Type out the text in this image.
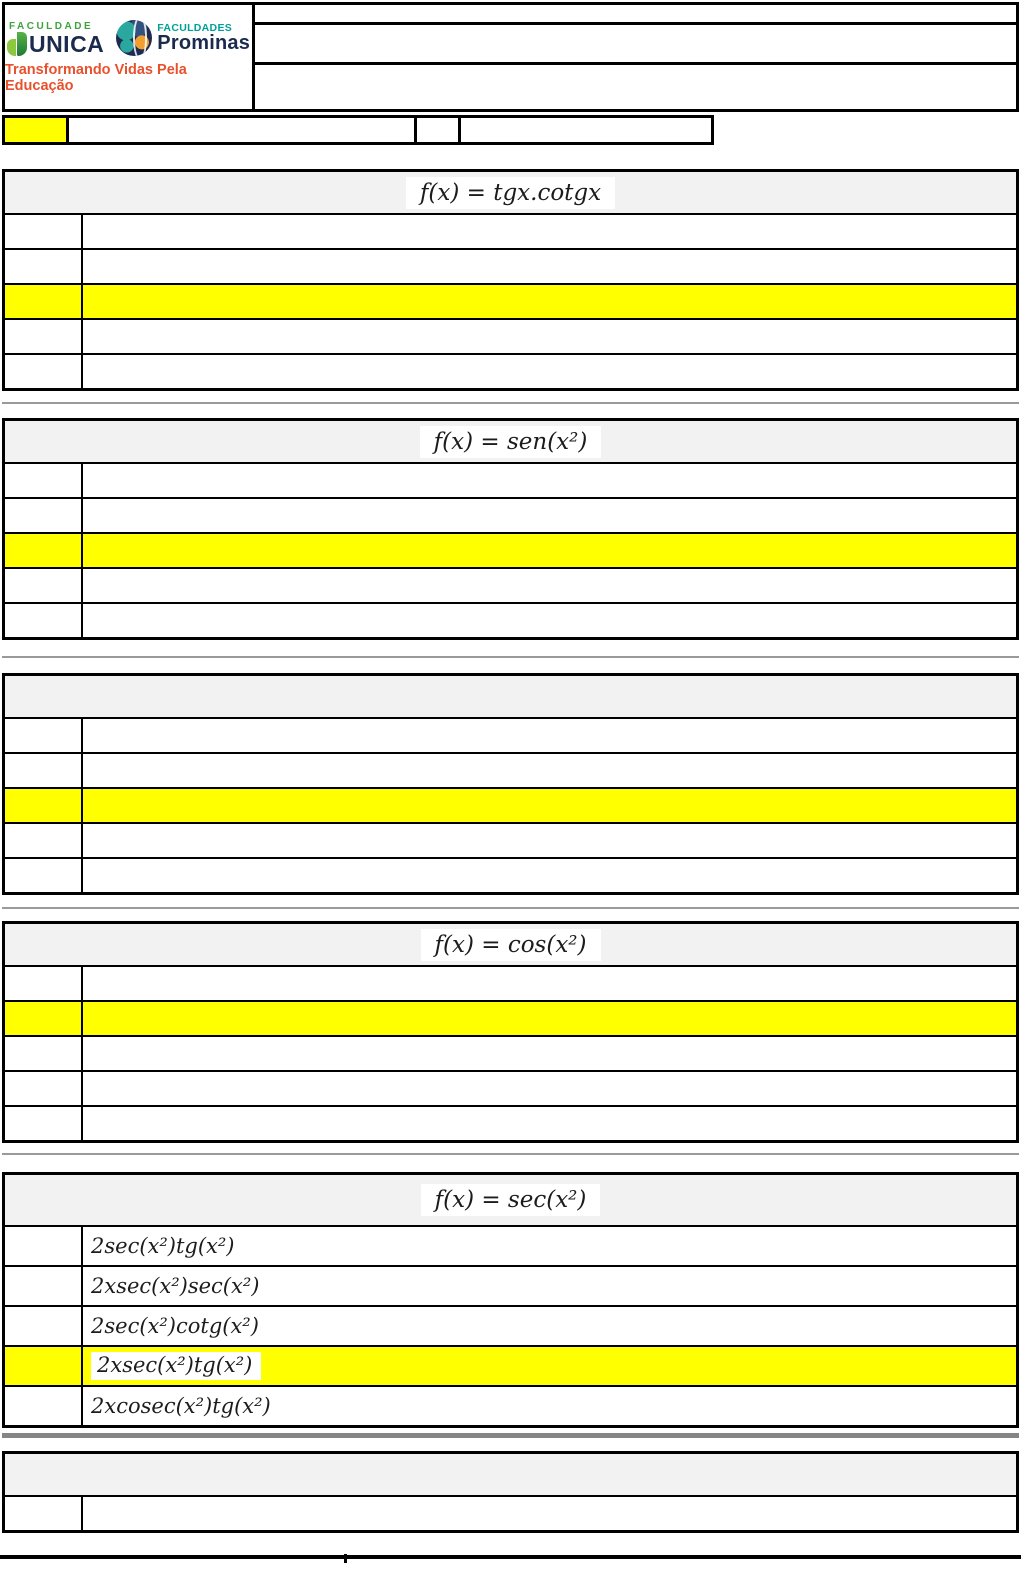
FACULDADE
UNICA
FACULDADES
Prominas
Transformando Vidas Pela Educação
f(x) = tgx.cotgx
f(x) = sen(x²)
f(x) = cos(x²)
f(x) = sec(x²)
2sec(x²)tg(x²)
2xsec(x²)sec(x²)
2sec(x²)cotg(x²)
2xsec(x²)tg(x²)
2xcosec(x²)tg(x²)
